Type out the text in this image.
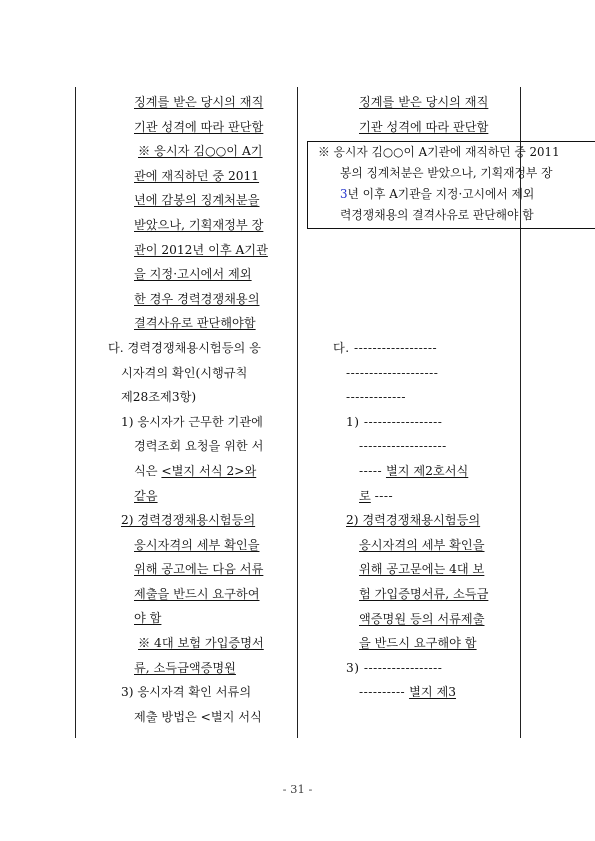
징계를 받은 당시의 재직
기관 성격에 따라 판단함
※ 응시자 김○○이 A기
관에 재직하던 중 2011
년에 감봉의 징계처분을
받았으나, 기획재정부 장
관이 2012년 이후 A기관
을 지정·고시에서 제외
한 경우 경력경쟁채용의
결격사유로 판단해야함
다. 경력경쟁채용시험등의 응
시자격의 확인(시행규칙
제28조제3항)
1) 응시자가 근무한 기관에
경력조회 요청을 위한 서
식은 <별지 서식 2>와
같음
2) 경력경쟁채용시험등의
응시자격의 세부 확인을
위해 공고에는 다음 서류
제출을 반드시 요구하여
야 함
※ 4대 보험 가입증명서
류, 소득금액증명원
3) 응시자격 확인 서류의
제출 방법은 <별지 서식
징계를 받은 당시의 재직
기관 성격에 따라 판단함
※ 응시자 김○○이 A기관에 재직하던 중 2011
봉의 징계처분은 받았으나, 기획재정부 장
3년 이후 A기관을 지정·고시에서 제외
력경쟁채용의 결격사유로 판단해야 함
다. ------------------
--------------------
-------------
1) -----------------
-------------------
----- 별지 제2호서식
로 ----
2) 경력경쟁채용시험등의
응시자격의 세부 확인을
위해 공고문에는 4대 보
험 가입증명서류, 소득금
액증명원 등의 서류제출
을 반드시 요구해야 함
3) -----------------
---------- 별지 제3
- 31 -
